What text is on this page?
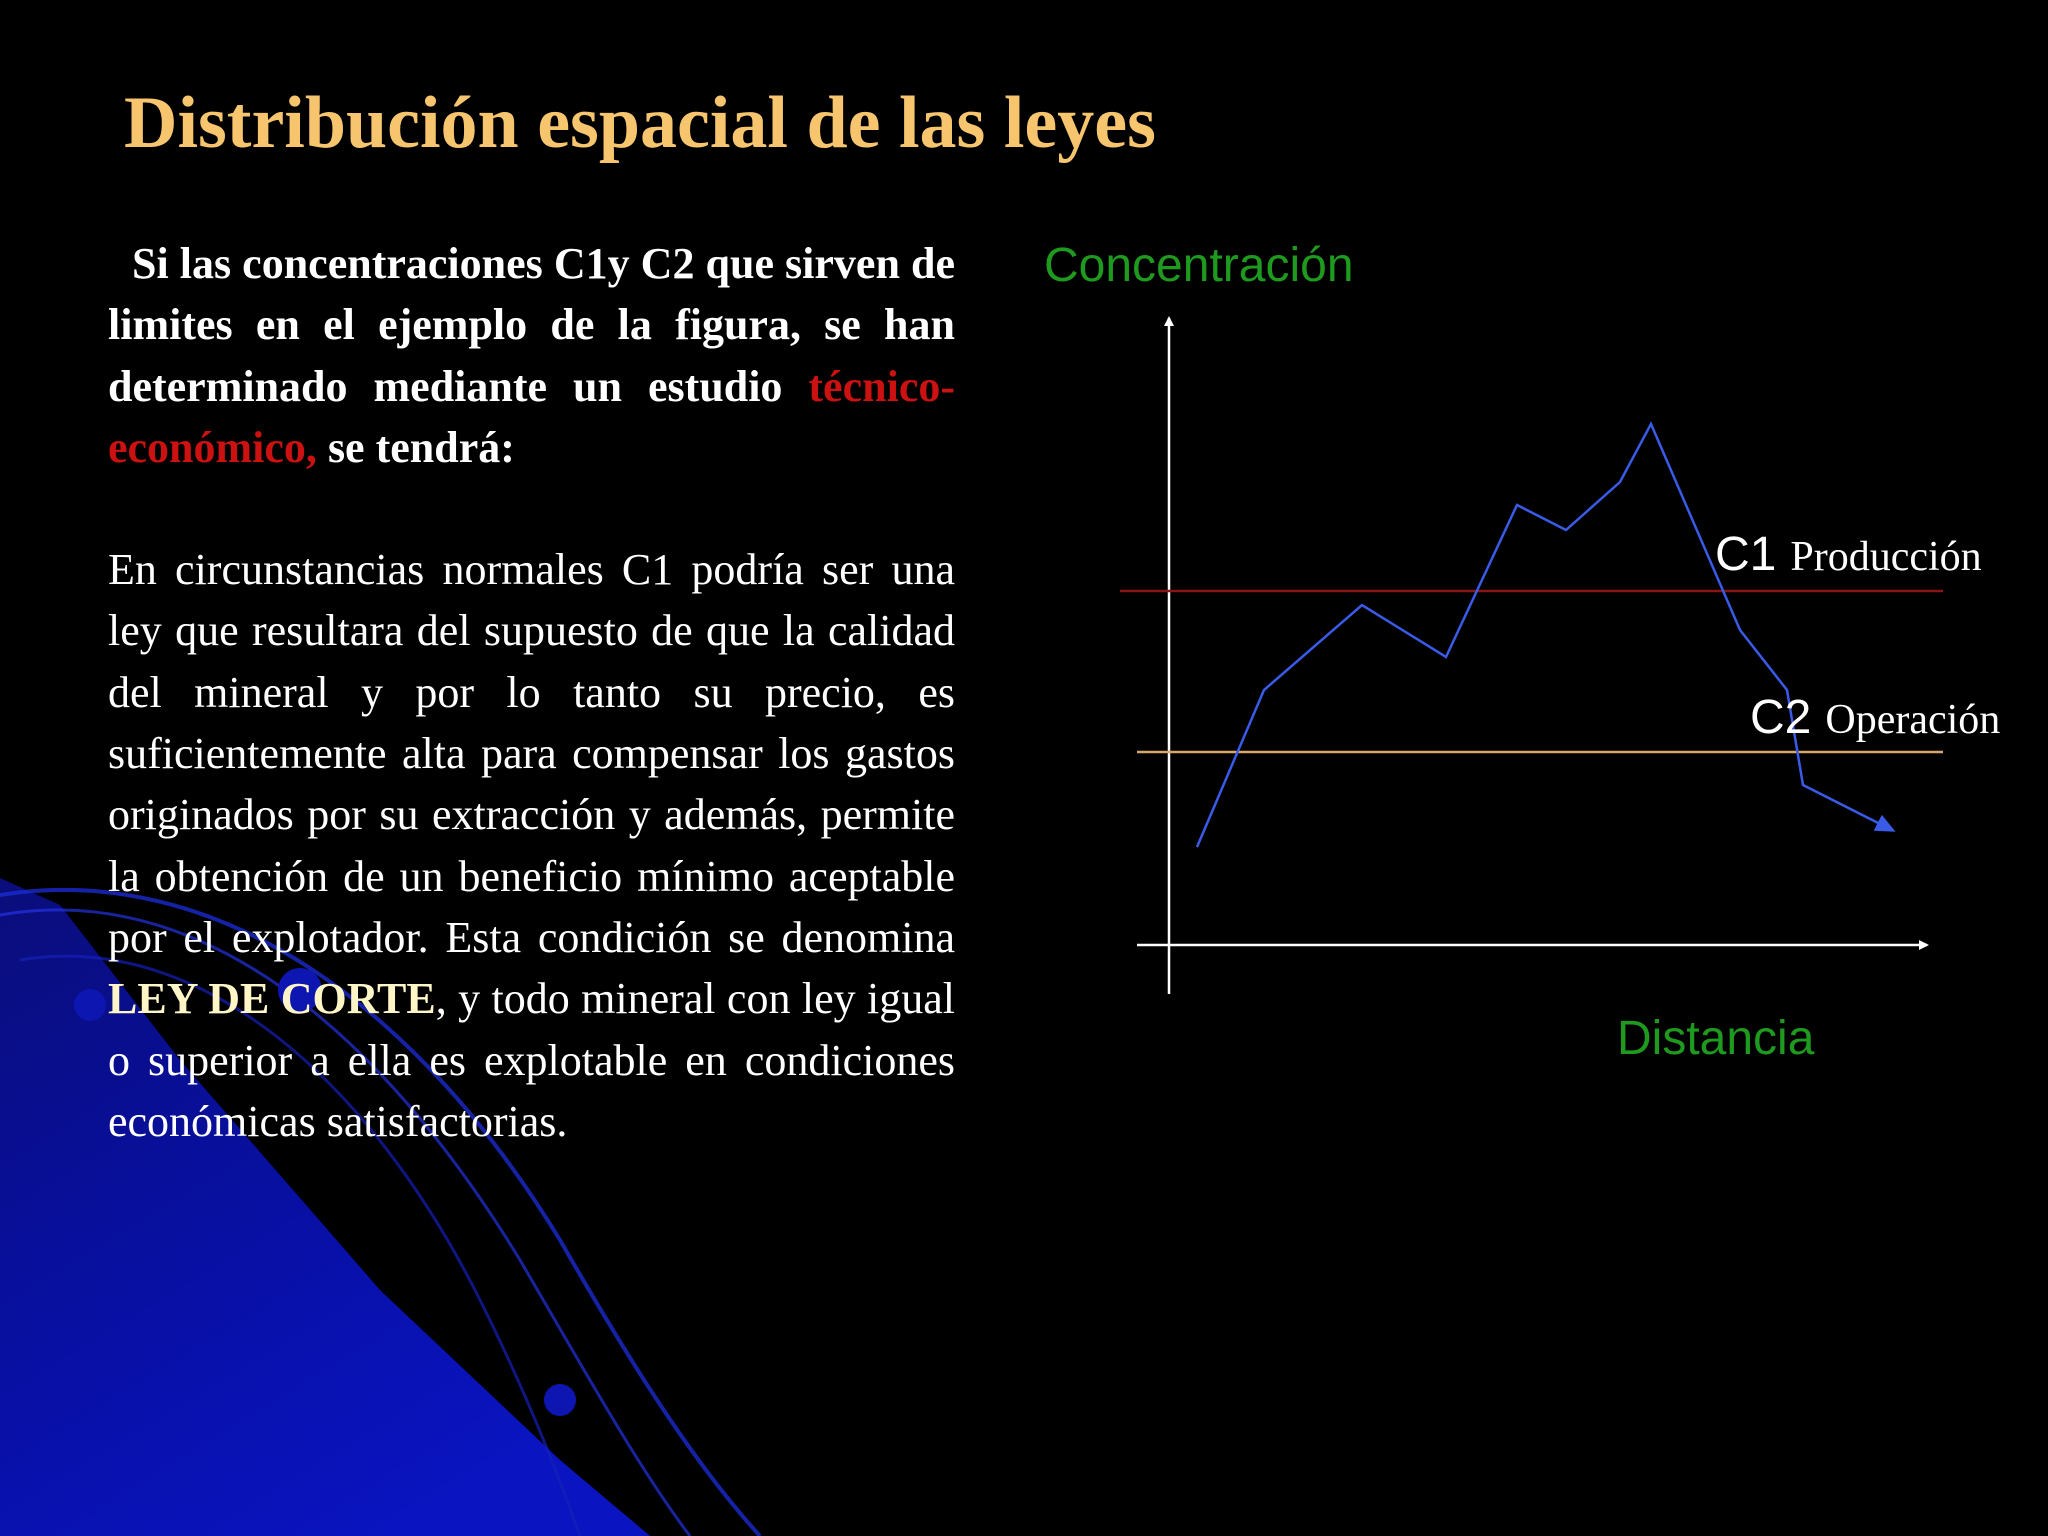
Distribución espacial de las leyes

Si las concentraciones C1y C2 que sirven de limites en el ejemplo de la figura, se han determinado mediante un estudio técnico-económico, se tendrá:

En circunstancias normales C1 podría ser una ley que resultara del supuesto de que la calidad del mineral y por lo tanto su precio, es suficientemente alta para compensar los gastos originados por su extracción y además, permite la obtención de un beneficio mínimo aceptable por el explotador. Esta condición se denomina LEY DE CORTE, y todo mineral con ley igual o superior a ella es explotable en condiciones económicas satisfactorias.

Concentración
Distancia
C1 Producción
C2 Operación
